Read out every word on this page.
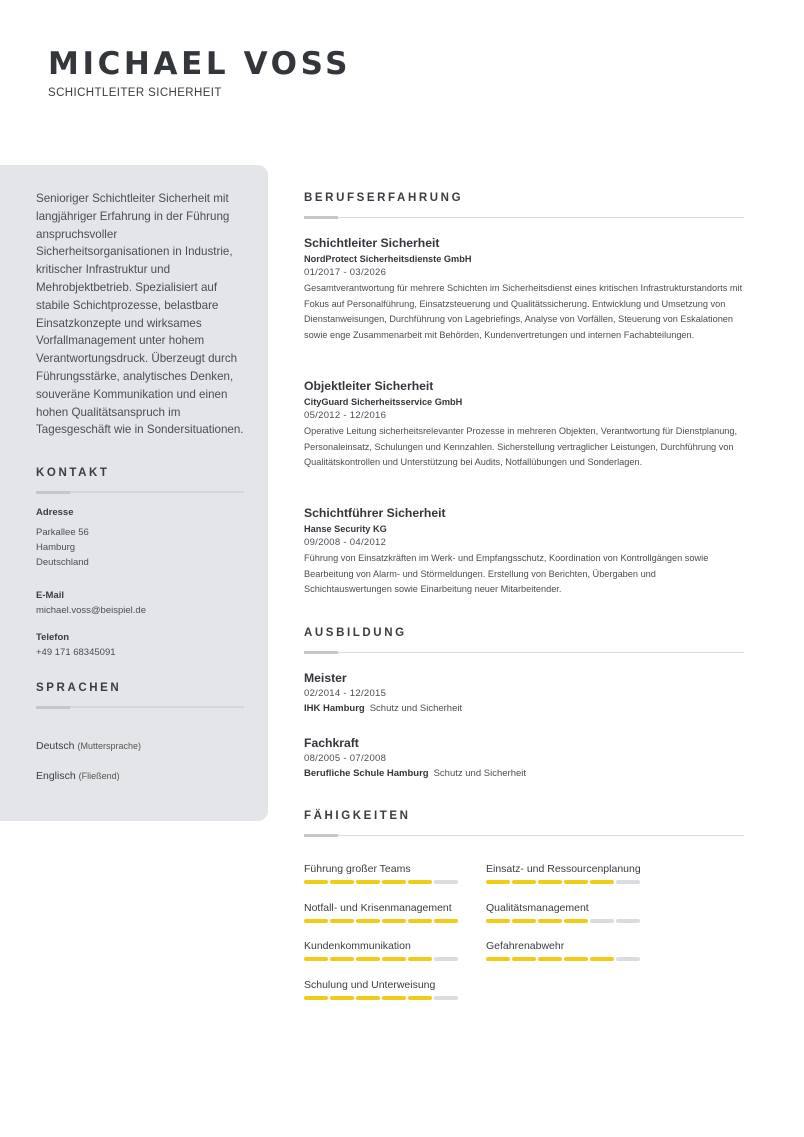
MICHAEL VOSS
SCHICHTLEITER SICHERHEIT
Senioriger Schichtleiter Sicherheit mit langjähriger Erfahrung in der Führung anspruchsvoller Sicherheitsorganisationen in Industrie, kritischer Infrastruktur und Mehrobjektbetrieb. Spezialisiert auf stabile Schichtprozesse, belastbare Einsatzkonzepte und wirksames Vorfallmanagement unter hohem Verantwortungsdruck. Überzeugt durch Führungsstärke, analytisches Denken, souveräne Kommunikation und einen hohen Qualitätsanspruch im Tagesgeschäft wie in Sondersituationen.
KONTAKT
Adresse
Parkallee 56
Hamburg
Deutschland
E-Mail
michael.voss@beispiel.de
Telefon
+49 171 68345091
SPRACHEN
Deutsch (Muttersprache)
Englisch (Fließend)
BERUFSERFAHRUNG
Schichtleiter Sicherheit
NordProtect Sicherheitsdienste GmbH
01/2017 - 03/2026
Gesamtverantwortung für mehrere Schichten im Sicherheitsdienst eines kritischen Infrastrukturstandorts mit Fokus auf Personalführung, Einsatzsteuerung und Qualitätssicherung. Entwicklung und Umsetzung von Dienstanweisungen, Durchführung von Lagebriefings, Analyse von Vorfällen, Steuerung von Eskalationen sowie enge Zusammenarbeit mit Behörden, Kundenvertretungen und internen Fachabteilungen.
Objektleiter Sicherheit
CityGuard Sicherheitsservice GmbH
05/2012 - 12/2016
Operative Leitung sicherheitsrelevanter Prozesse in mehreren Objekten, Verantwortung für Dienstplanung, Personaleinsatz, Schulungen und Kennzahlen. Sicherstellung vertraglicher Leistungen, Durchführung von Qualitätskontrollen und Unterstützung bei Audits, Notfallübungen und Sonderlagen.
Schichtführer Sicherheit
Hanse Security KG
09/2008 - 04/2012
Führung von Einsatzkräften im Werk- und Empfangsschutz, Koordination von Kontrollgängen sowie Bearbeitung von Alarm- und Störmeldungen. Erstellung von Berichten, Übergaben und Schichtauswertungen sowie Einarbeitung neuer Mitarbeitender.
AUSBILDUNG
Meister
02/2014 - 12/2015
IHK Hamburg Schutz und Sicherheit
Fachkraft
08/2005 - 07/2008
Berufliche Schule Hamburg Schutz und Sicherheit
FÄHIGKEITEN
Führung großer Teams	Einsatz- und Ressourcenplanung
Notfall- und Krisenmanagement	Qualitätsmanagement
Kundenkommunikation	Gefahrenabwehr
Schulung und Unterweisung
